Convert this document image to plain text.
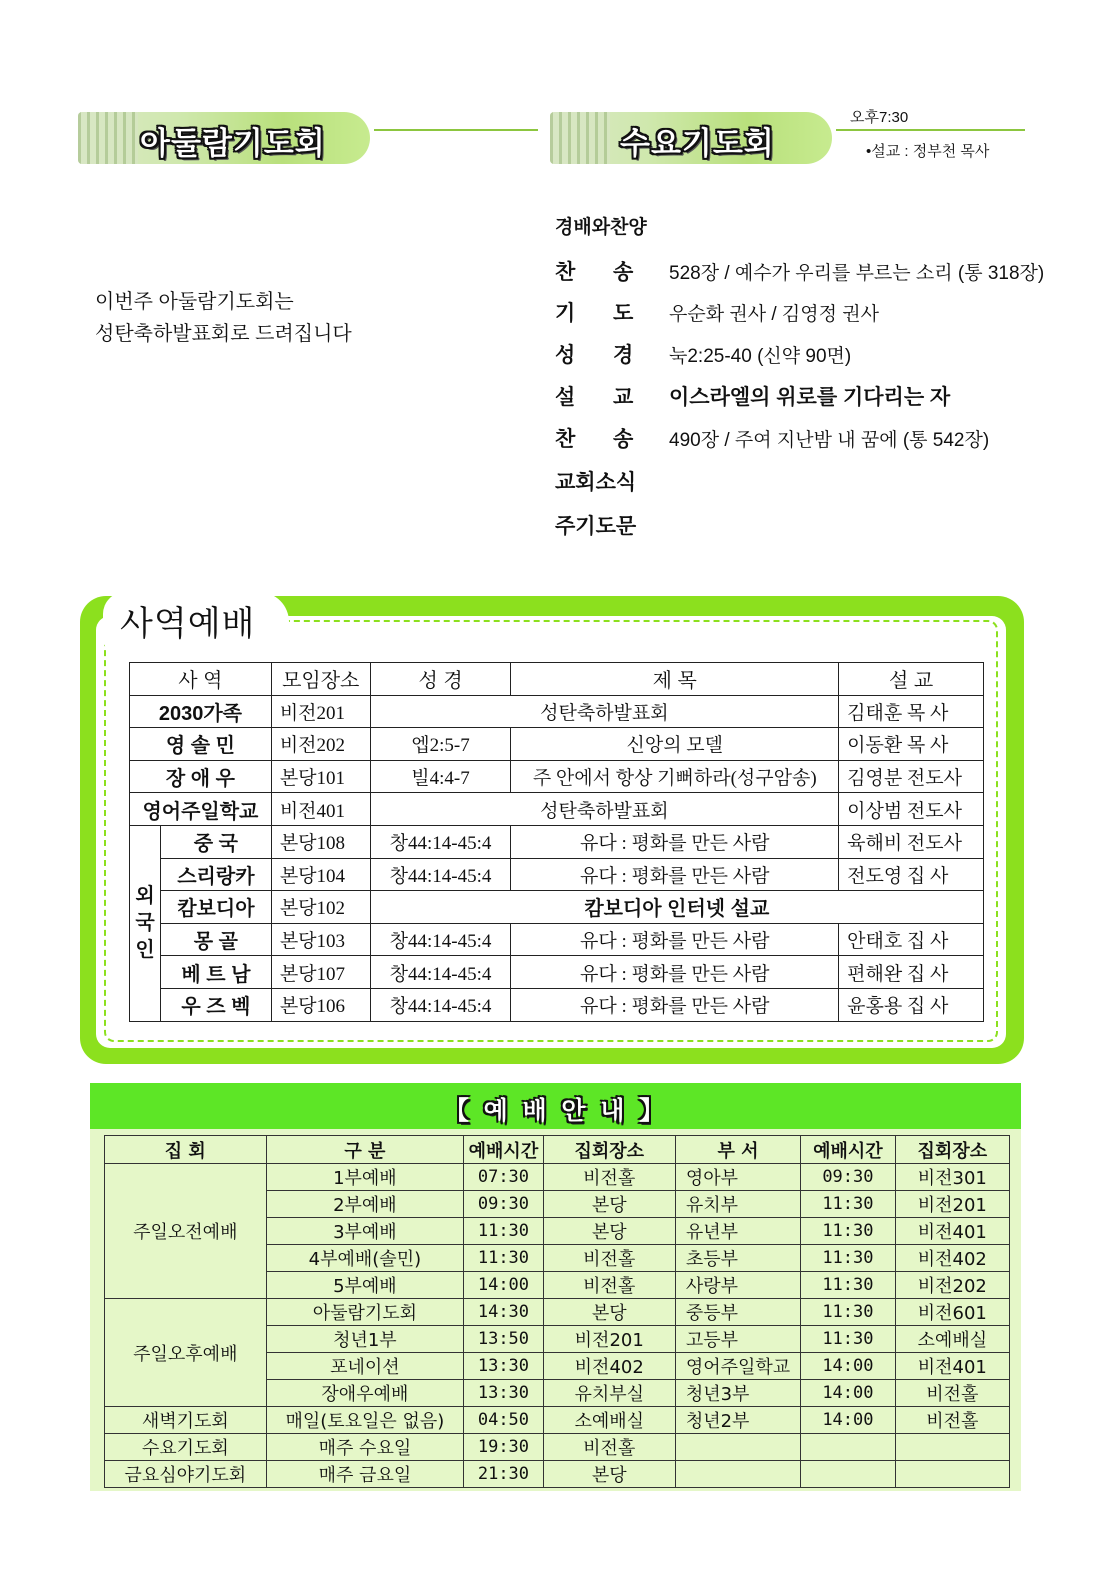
아둘람기도회	수요기도회
오후7:30
•설교 : 정부천 목사
이번주 아둘람기도회는
성탄축하발표회로 드려집니다
경배와찬양
찬	송	528장 / 예수가 우리를 부르는 소리 (통 318장)
기	도	우순화 권사 / 김영정 권사
성	경	눅2:25-40 (신약 90면)
설	교	이스라엘의 위로를 기다리는 자
찬	송	490장 / 주여 지난밤 내 꿈에 (통 542장)
교회소식
주기도문
사역예배
사 역		모임장소	성 경	제 목	설 교
2030가족		비전201	성탄축하발표회		김태훈 목 사
영 솔 민		비전202	엡2:5-7	신앙의 모델	이동환 목 사
장 애 우		본당101	빌4:4-7	주 안에서 항상 기뻐하라(성구암송)	김영분 전도사
영어주일학교		비전401	성탄축하발표회		이상범 전도사

외
국
인	중 국	본당108	창44:14-45:4	유다 : 평화를 만든 사람	육해비 전도사
	스리랑카	본당104	창44:14-45:4	유다 : 평화를 만든 사람	전도영 집 사
	캄보디아	본당102	캄보디아 인터넷 설교		
	몽 골	본당103	창44:14-45:4	유다 : 평화를 만든 사람	안태호 집 사
	베 트 남	본당107	창44:14-45:4	유다 : 평화를 만든 사람	편해완 집 사
	우 즈 벡	본당106	창44:14-45:4	유다 : 평화를 만든 사람	윤홍용 집 사
【 예 배 안 내 】
집 회	구 분	예배시간	집회장소	부 서	예배시간	집회장소
주일오전예배	1부예배	07:30	비전홀	영아부	09:30	비전301
	2부예배	09:30	본당	유치부	11:30	비전201
	3부예배	11:30	본당	유년부	11:30	비전401
	4부예배(솔민)	11:30	비전홀	초등부	11:30	비전402
	5부예배	14:00	비전홀	사랑부	11:30	비전202
주일오후예배	아둘람기도회	14:30	본당	중등부	11:30	비전601
	청년1부	13:50	비전201	고등부	11:30	소예배실
	포네이션	13:30	비전402	영어주일학교	14:00	비전401
	장애우예배	13:30	유치부실	청년3부	14:00	비전홀
새벽기도회	매일(토요일은 없음)	04:50	소예배실	청년2부	14:00	비전홀
수요기도회	매주 수요일	19:30	비전홀			
금요심야기도회	매주 금요일	21:30	본당			
